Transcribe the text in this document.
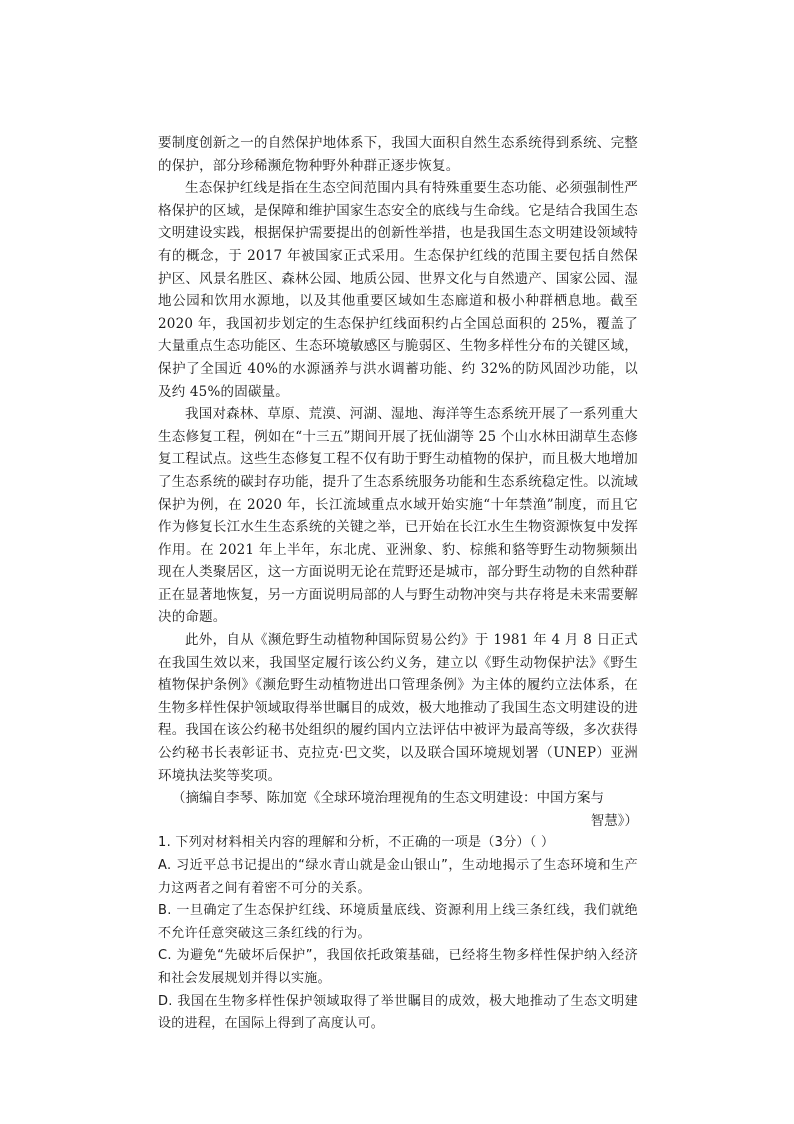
要制度创新之一的自然保护地体系下，我国大面积自然生态系统得到系统、完整的保护，部分珍稀濒危物种野外种群正逐步恢复。

生态保护红线是指在生态空间范围内具有特殊重要生态功能、必须强制性严格保护的区域，是保障和维护国家生态安全的底线与生命线。它是结合我国生态文明建设实践，根据保护需要提出的创新性举措，也是我国生态文明建设领域特有的概念，于 2017 年被国家正式采用。生态保护红线的范围主要包括自然保护区、风景名胜区、森林公园、地质公园、世界文化与自然遗产、国家公园、湿地公园和饮用水源地，以及其他重要区域如生态廊道和极小种群栖息地。截至 2020 年，我国初步划定的生态保护红线面积约占全国总面积的 25%，覆盖了大量重点生态功能区、生态环境敏感区与脆弱区、生物多样性分布的关键区域，保护了全国近 40%的水源涵养与洪水调蓄功能、约 32%的防风固沙功能，以及约 45%的固碳量。

我国对森林、草原、荒漠、河湖、湿地、海洋等生态系统开展了一系列重大生态修复工程，例如在“十三五”期间开展了抚仙湖等 25 个山水林田湖草生态修复工程试点。这些生态修复工程不仅有助于野生动植物的保护，而且极大地增加了生态系统的碳封存功能，提升了生态系统服务功能和生态系统稳定性。以流域保护为例，在 2020 年，长江流域重点水域开始实施“十年禁渔”制度，而且它作为修复长江水生生态系统的关键之举，已开始在长江水生生物资源恢复中发挥作用。在 2021 年上半年，东北虎、亚洲象、豹、棕熊和貉等野生动物频频出现在人类聚居区，这一方面说明无论在荒野还是城市，部分野生动物的自然种群正在显著地恢复，另一方面说明局部的人与野生动物冲突与共存将是未来需要解决的命题。

此外，自从《濒危野生动植物种国际贸易公约》于 1981 年 4 月 8 日正式在我国生效以来，我国坚定履行该公约义务，建立以《野生动物保护法》《野生植物保护条例》《濒危野生动植物进出口管理条例》为主体的履约立法体系，在生物多样性保护领域取得举世瞩目的成效，极大地推动了我国生态文明建设的进程。我国在该公约秘书处组织的履约国内立法评估中被评为最高等级，多次获得公约秘书长表彰证书、克拉克·巴文奖，以及联合国环境规划署（UNEP）亚洲环境执法奖等奖项。

（摘编自李琴、陈加宽《全球环境治理视角的生态文明建设：中国方案与

智慧》）

1. 下列对材料相关内容的理解和分析，不正确的一项是（3分）（ ）

A. 习近平总书记提出的“绿水青山就是金山银山”，生动地揭示了生态环境和生产力这两者之间有着密不可分的关系。

B. 一旦确定了生态保护红线、环境质量底线、资源利用上线三条红线，我们就绝不允许任意突破这三条红线的行为。

C. 为避免“先破坏后保护”，我国依托政策基础，已经将生物多样性保护纳入经济和社会发展规划并得以实施。

D. 我国在生物多样性保护领域取得了举世瞩目的成效，极大地推动了生态文明建设的进程，在国际上得到了高度认可。
